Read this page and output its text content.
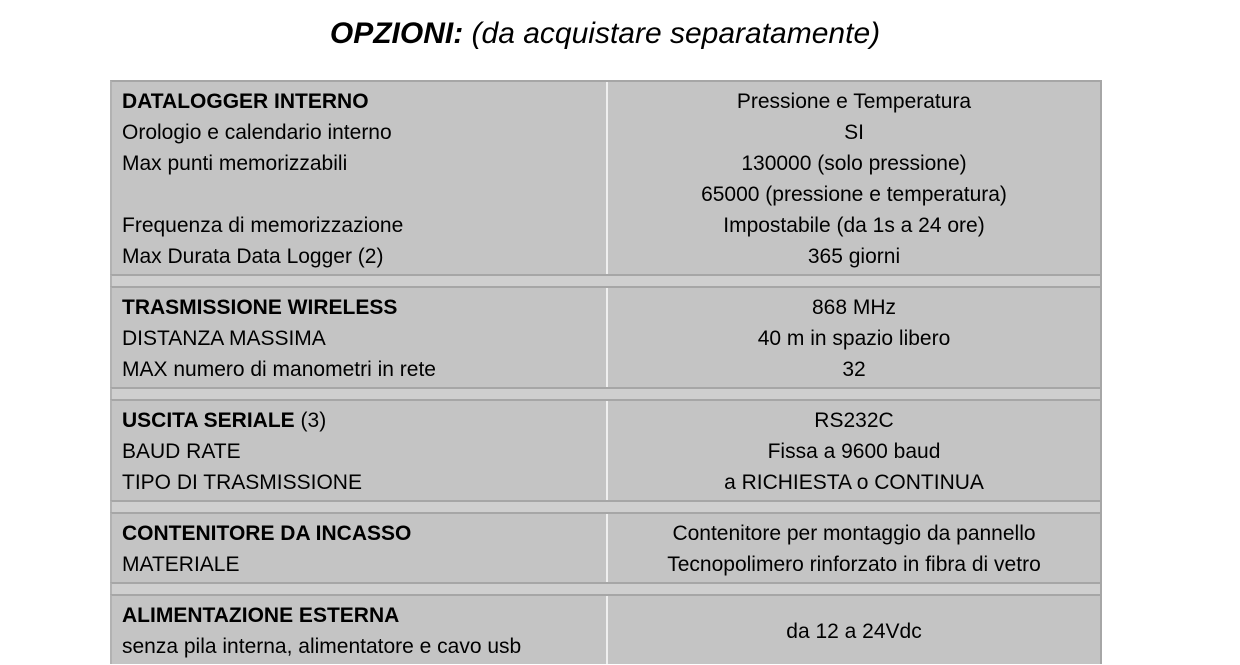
OPZIONI: (da acquistare separatamente)
DATALOGGER INTERNO
Orologio e calendario interno
Max punti memorizzabili
Frequenza di memorizzazione
Max Durata Data Logger (2)
Pressione e Temperatura
SI
130000 (solo pressione)
65000 (pressione e temperatura)
Impostabile (da 1s a 24 ore)
365 giorni
TRASMISSIONE WIRELESS
DISTANZA MASSIMA
MAX numero di manometri in rete
868 MHz
40 m in spazio libero
32
USCITA SERIALE (3)
BAUD RATE
TIPO DI TRASMISSIONE
RS232C
Fissa a 9600 baud
a RICHIESTA o CONTINUA
CONTENITORE DA INCASSO
MATERIALE
Contenitore per montaggio da pannello
Tecnopolimero rinforzato in fibra di vetro
ALIMENTAZIONE ESTERNA
senza pila interna, alimentatore e cavo usb
da 12 a 24Vdc
